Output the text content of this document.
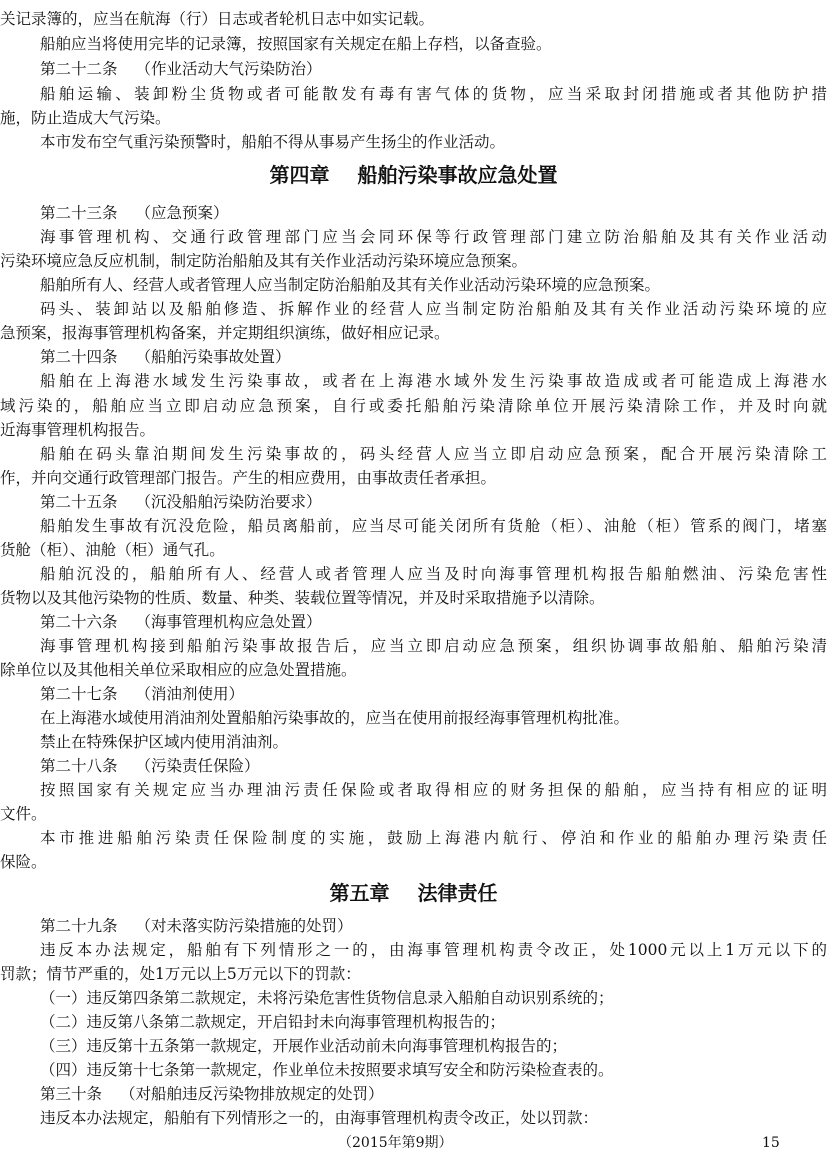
关记录簿的，应当在航海（行）日志或者轮机日志中如实记载。
船舶应当将使用完毕的记录簿，按照国家有关规定在船上存档，以备查验。
第二十二条 （作业活动大气污染防治）
船舶运输、装卸粉尘货物或者可能散发有毒有害气体的货物，应当采取封闭措施或者其他防护措
施，防止造成大气污染。
本市发布空气重污染预警时，船舶不得从事易产生扬尘的作业活动。
第四章 船舶污染事故应急处置
第二十三条 （应急预案）
海事管理机构、交通行政管理部门应当会同环保等行政管理部门建立防治船舶及其有关作业活动
污染环境应急反应机制，制定防治船舶及其有关作业活动污染环境应急预案。
船舶所有人、经营人或者管理人应当制定防治船舶及其有关作业活动污染环境的应急预案。
码头、装卸站以及船舶修造、拆解作业的经营人应当制定防治船舶及其有关作业活动污染环境的应
急预案，报海事管理机构备案，并定期组织演练，做好相应记录。
第二十四条 （船舶污染事故处置）
船舶在上海港水域发生污染事故，或者在上海港水域外发生污染事故造成或者可能造成上海港水
域污染的，船舶应当立即启动应急预案，自行或委托船舶污染清除单位开展污染清除工作，并及时向就
近海事管理机构报告。
船舶在码头靠泊期间发生污染事故的，码头经营人应当立即启动应急预案，配合开展污染清除工
作，并向交通行政管理部门报告。产生的相应费用，由事故责任者承担。
第二十五条 （沉没船舶污染防治要求）
船舶发生事故有沉没危险，船员离船前，应当尽可能关闭所有货舱（柜）、油舱（柜）管系的阀门，堵塞
货舱（柜）、油舱（柜）通气孔。
船舶沉没的，船舶所有人、经营人或者管理人应当及时向海事管理机构报告船舶燃油、污染危害性
货物以及其他污染物的性质、数量、种类、装载位置等情况，并及时采取措施予以清除。
第二十六条 （海事管理机构应急处置）
海事管理机构接到船舶污染事故报告后，应当立即启动应急预案，组织协调事故船舶、船舶污染清
除单位以及其他相关单位采取相应的应急处置措施。
第二十七条 （消油剂使用）
在上海港水域使用消油剂处置船舶污染事故的，应当在使用前报经海事管理机构批准。
禁止在特殊保护区域内使用消油剂。
第二十八条 （污染责任保险）
按照国家有关规定应当办理油污责任保险或者取得相应的财务担保的船舶，应当持有相应的证明
文件。
本市推进船舶污染责任保险制度的实施，鼓励上海港内航行、停泊和作业的船舶办理污染责任
保险。
第五章 法律责任
第二十九条 （对未落实防污染措施的处罚）
违反本办法规定，船舶有下列情形之一的，由海事管理机构责令改正，处1000元以上1万元以下的
罚款；情节严重的，处1万元以上5万元以下的罚款：
（一）违反第四条第二款规定，未将污染危害性货物信息录入船舶自动识别系统的；
（二）违反第八条第二款规定，开启铅封未向海事管理机构报告的；
（三）违反第十五条第一款规定，开展作业活动前未向海事管理机构报告的；
（四）违反第十七条第一款规定，作业单位未按照要求填写安全和防污染检查表的。
第三十条 （对船舶违反污染物排放规定的处罚）
违反本办法规定，船舶有下列情形之一的，由海事管理机构责令改正，处以罚款：
（2015年第9期）	15
